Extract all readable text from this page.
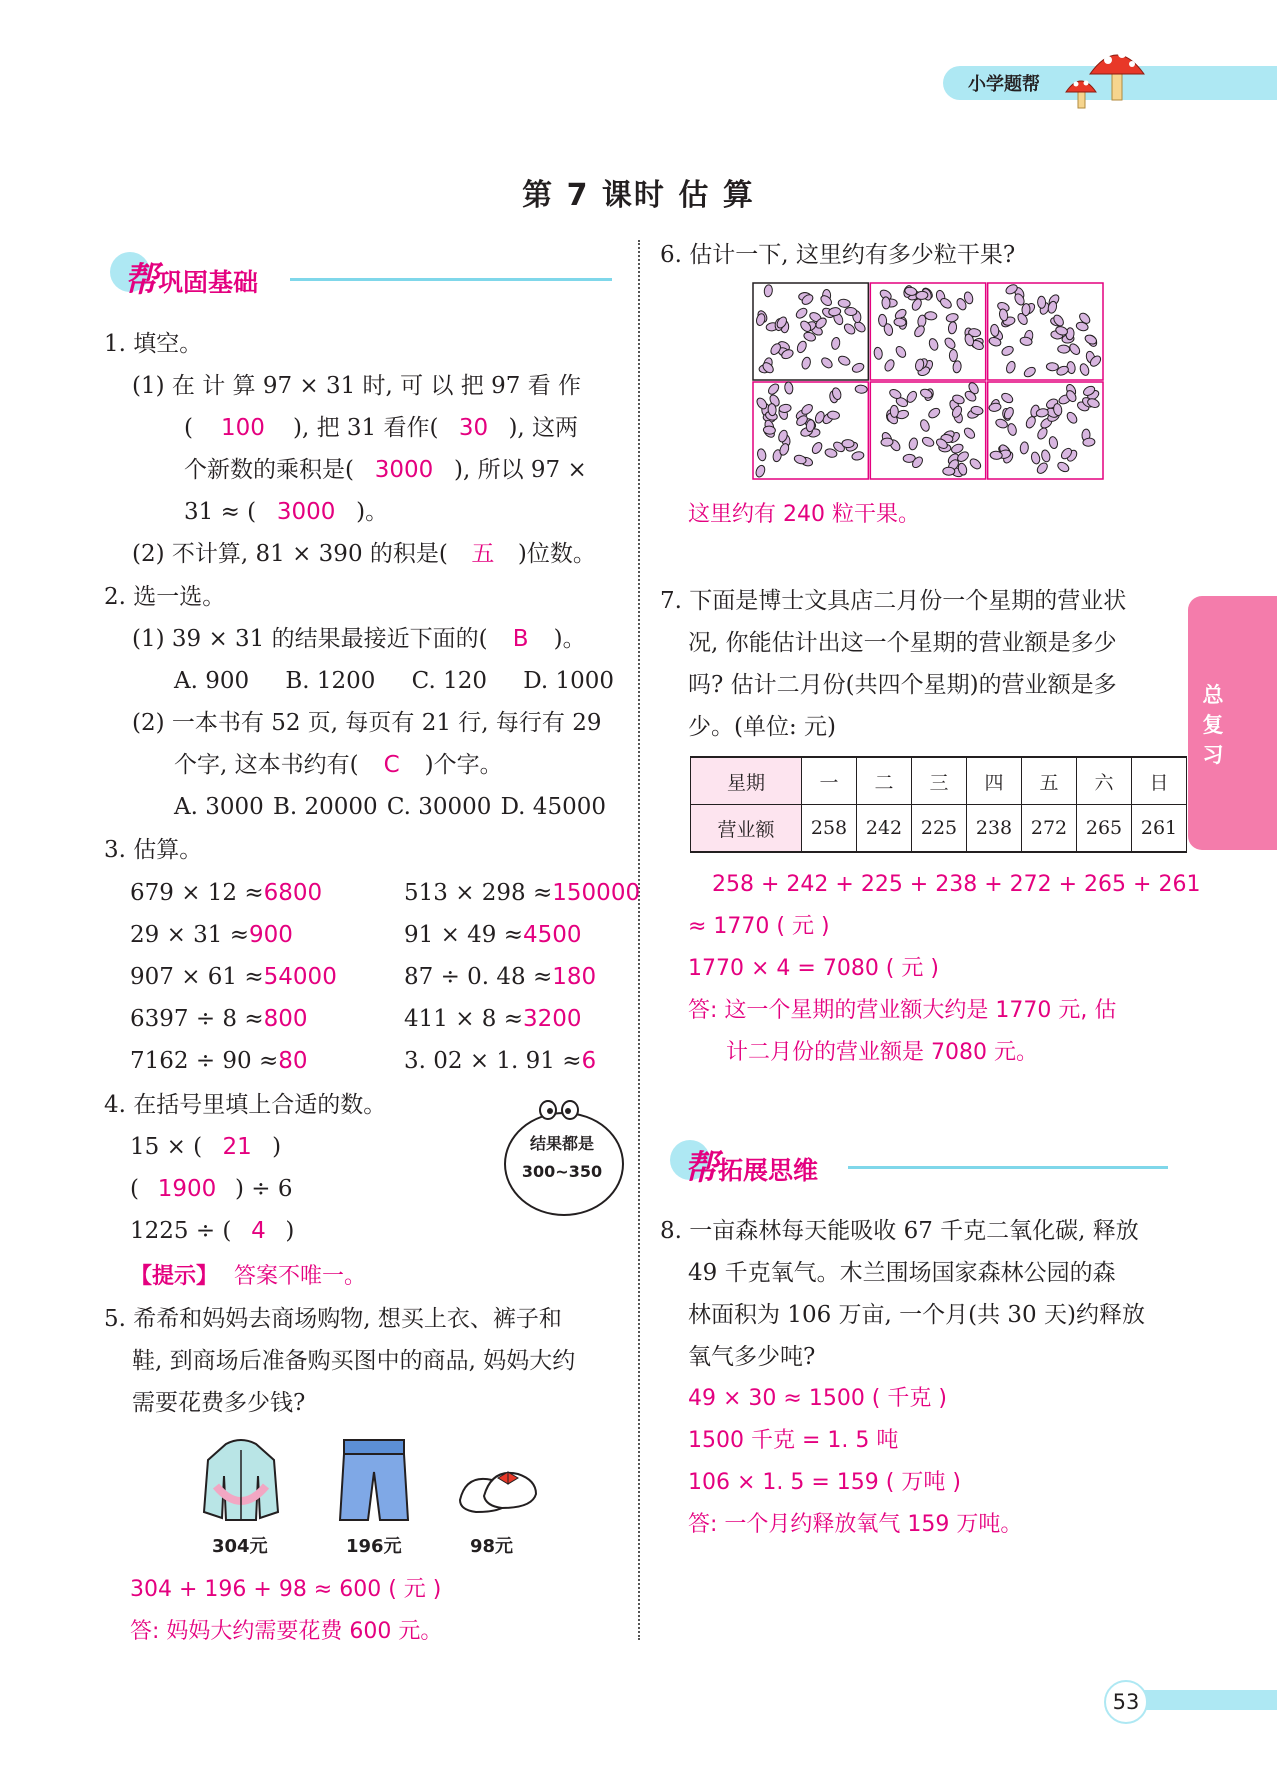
小学题帮
第 7 课时 估 算
帮巩固基础
1. 填空。
(1) 在 计 算 97 × 31 时, 可 以 把 97 看 作
( 100 ), 把 31 看作( 30 ), 这两
个新数的乘积是( 3000 ), 所以 97 ×
31 ≈ ( 3000 )。
(2) 不计算, 81 × 390 的积是( 五 )位数。
2. 选一选。
(1) 39 × 31 的结果最接近下面的( B )。
A. 900 B. 1200 C. 120 D. 1000
(2) 一本书有 52 页, 每页有 21 行, 每行有 29
个字, 这本书约有( C )个字。
A. 3000 B. 20000 C. 30000 D. 45000
3. 估算。
679 × 12 ≈6800	513 × 298 ≈150000
29 × 31 ≈900	91 × 49 ≈4500
907 × 61 ≈54000	87 ÷ 0. 48 ≈180
6397 ÷ 8 ≈800	411 × 8 ≈3200
7162 ÷ 90 ≈80	3. 02 × 1. 91 ≈6
4. 在括号里填上合适的数。
15 × ( 21 )
( 1900 ) ÷ 6
1225 ÷ ( 4 )
结果都是
300~350
【提示】 答案不唯一。
5. 希希和妈妈去商场购物, 想买上衣、裤子和
鞋, 到商场后准备购买图中的商品, 妈妈大约
需要花费多少钱?
304元	196元	98元
304 + 196 + 98 ≈ 600 ( 元 )
答: 妈妈大约需要花费 600 元。
6. 估计一下, 这里约有多少粒干果?
这里约有 240 粒干果。
7. 下面是博士文具店二月份一个星期的营业状
况, 你能估计出这一个星期的营业额是多少
吗? 估计二月份(共四个星期)的营业额是多
少。(单位: 元)
星期	一	二	三	四	五	六	日
营业额	258	242	225	238	272	265	261
258 + 242 + 225 + 238 + 272 + 265 + 261
≈ 1770 ( 元 )
1770 × 4 = 7080 ( 元 )
答: 这一个星期的营业额大约是 1770 元, 估
计二月份的营业额是 7080 元。
帮拓展思维
8. 一亩森林每天能吸收 67 千克二氧化碳, 释放
49 千克氧气。木兰围场国家森林公园的森
林面积为 106 万亩, 一个月(共 30 天)约释放
氧气多少吨?
49 × 30 ≈ 1500 ( 千克 )
1500 千克 = 1. 5 吨
106 × 1. 5 = 159 ( 万吨 )
答: 一个月约释放氧气 159 万吨。
总复习
53
